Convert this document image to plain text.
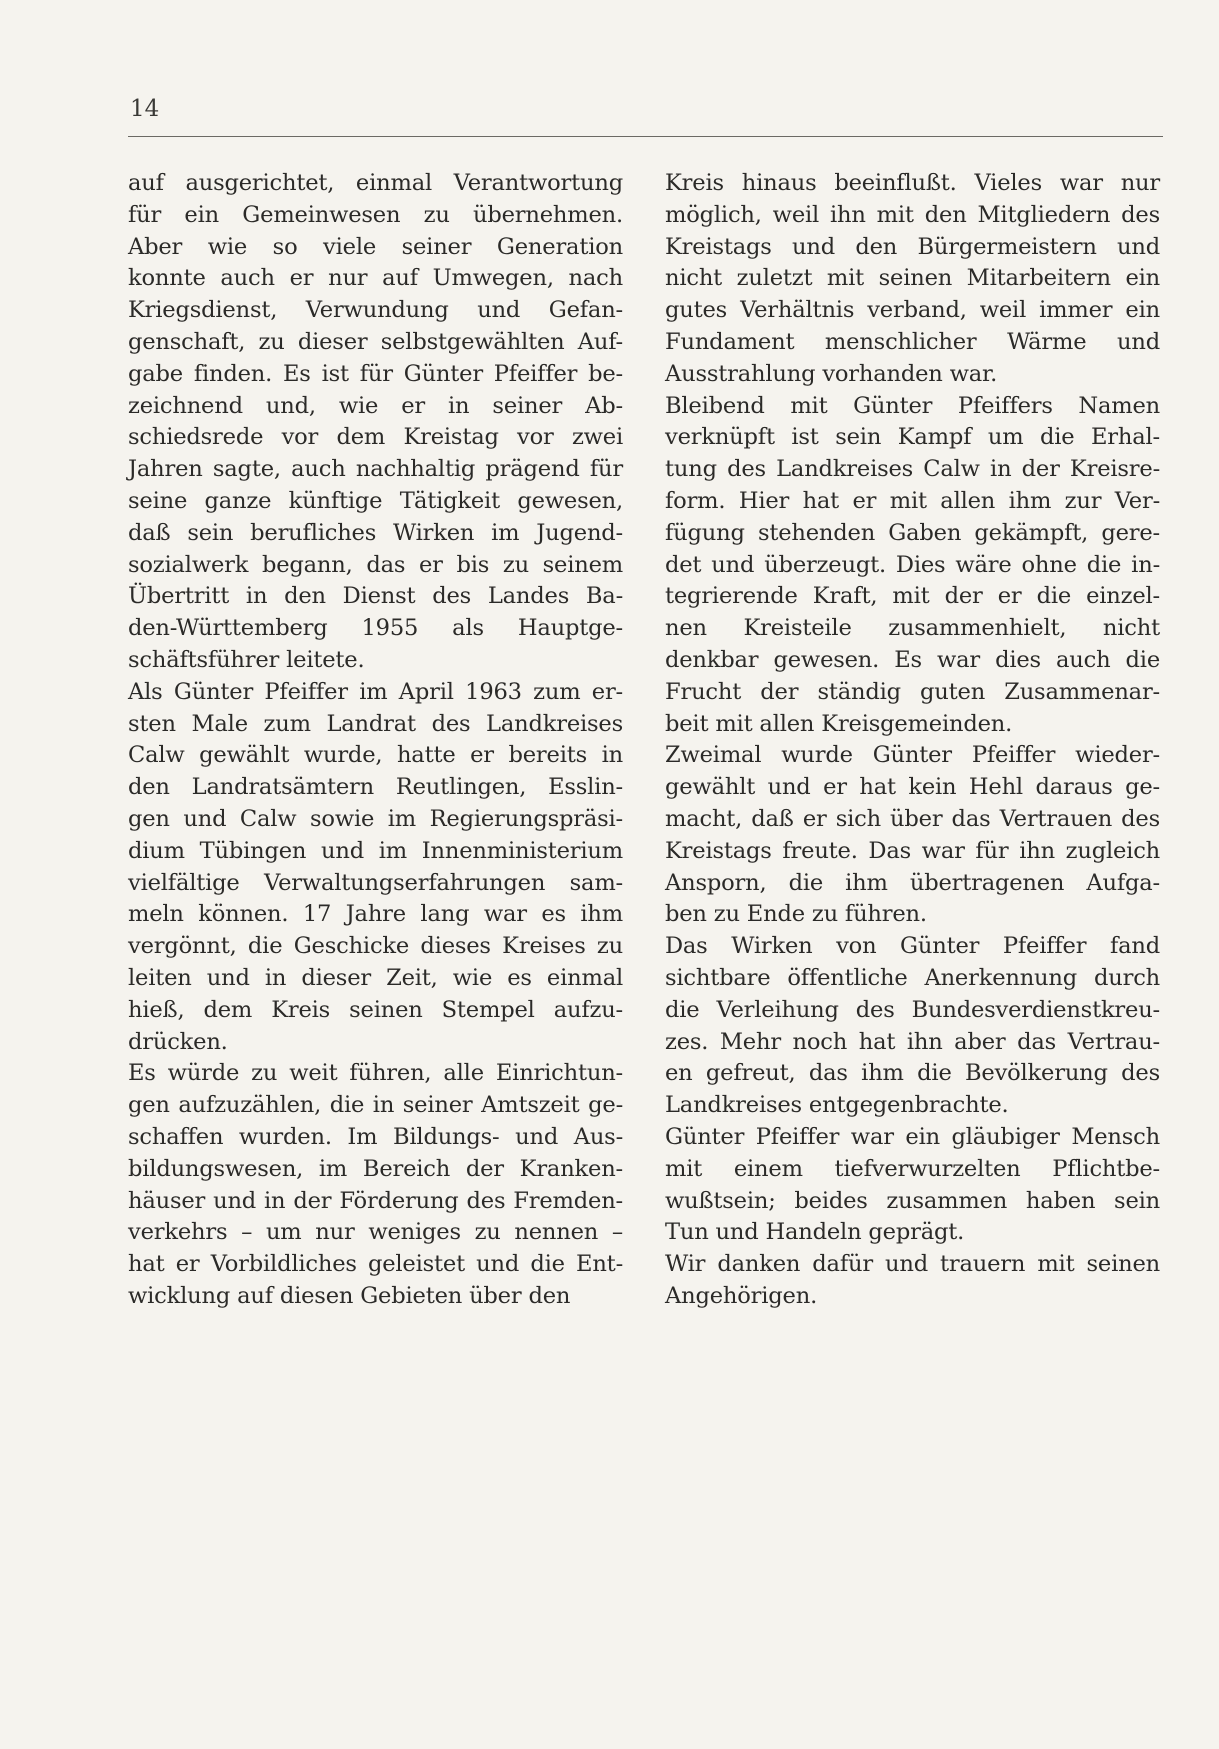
14
auf ausgerichtet, einmal Verantwortung
für ein Gemeinwesen zu übernehmen.
Aber wie so viele seiner Generation
konnte auch er nur auf Umwegen, nach
Kriegsdienst, Verwundung und Gefan-
genschaft, zu dieser selbstgewählten Auf-
gabe finden. Es ist für Günter Pfeiffer be-
zeichnend und, wie er in seiner Ab-
schiedsrede vor dem Kreistag vor zwei
Jahren sagte, auch nachhaltig prägend für
seine ganze künftige Tätigkeit gewesen,
daß sein berufliches Wirken im Jugend-
sozialwerk begann, das er bis zu seinem
Übertritt in den Dienst des Landes Ba-
den-Württemberg 1955 als Hauptge-
schäftsführer leitete.
Als Günter Pfeiffer im April 1963 zum er-
sten Male zum Landrat des Landkreises
Calw gewählt wurde, hatte er bereits in
den Landratsämtern Reutlingen, Esslin-
gen und Calw sowie im Regierungspräsi-
dium Tübingen und im Innenministerium
vielfältige Verwaltungserfahrungen sam-
meln können. 17 Jahre lang war es ihm
vergönnt, die Geschicke dieses Kreises zu
leiten und in dieser Zeit, wie es einmal
hieß, dem Kreis seinen Stempel aufzu-
drücken.
Es würde zu weit führen, alle Einrichtun-
gen aufzuzählen, die in seiner Amtszeit ge-
schaffen wurden. Im Bildungs- und Aus-
bildungswesen, im Bereich der Kranken-
häuser und in der Förderung des Fremden-
verkehrs – um nur weniges zu nennen –
hat er Vorbildliches geleistet und die Ent-
wicklung auf diesen Gebieten über den
Kreis hinaus beeinflußt. Vieles war nur
möglich, weil ihn mit den Mitgliedern des
Kreistags und den Bürgermeistern und
nicht zuletzt mit seinen Mitarbeitern ein
gutes Verhältnis verband, weil immer ein
Fundament menschlicher Wärme und
Ausstrahlung vorhanden war.
Bleibend mit Günter Pfeiffers Namen
verknüpft ist sein Kampf um die Erhal-
tung des Landkreises Calw in der Kreisre-
form. Hier hat er mit allen ihm zur Ver-
fügung stehenden Gaben gekämpft, gere-
det und überzeugt. Dies wäre ohne die in-
tegrierende Kraft, mit der er die einzel-
nen Kreisteile zusammenhielt, nicht
denkbar gewesen. Es war dies auch die
Frucht der ständig guten Zusammenar-
beit mit allen Kreisgemeinden.
Zweimal wurde Günter Pfeiffer wieder-
gewählt und er hat kein Hehl daraus ge-
macht, daß er sich über das Vertrauen des
Kreistags freute. Das war für ihn zugleich
Ansporn, die ihm übertragenen Aufga-
ben zu Ende zu führen.
Das Wirken von Günter Pfeiffer fand
sichtbare öffentliche Anerkennung durch
die Verleihung des Bundesverdienstkreu-
zes. Mehr noch hat ihn aber das Vertrau-
en gefreut, das ihm die Bevölkerung des
Landkreises entgegenbrachte.
Günter Pfeiffer war ein gläubiger Mensch
mit einem tiefverwurzelten Pflichtbe-
wußtsein; beides zusammen haben sein
Tun und Handeln geprägt.
Wir danken dafür und trauern mit seinen
Angehörigen.
